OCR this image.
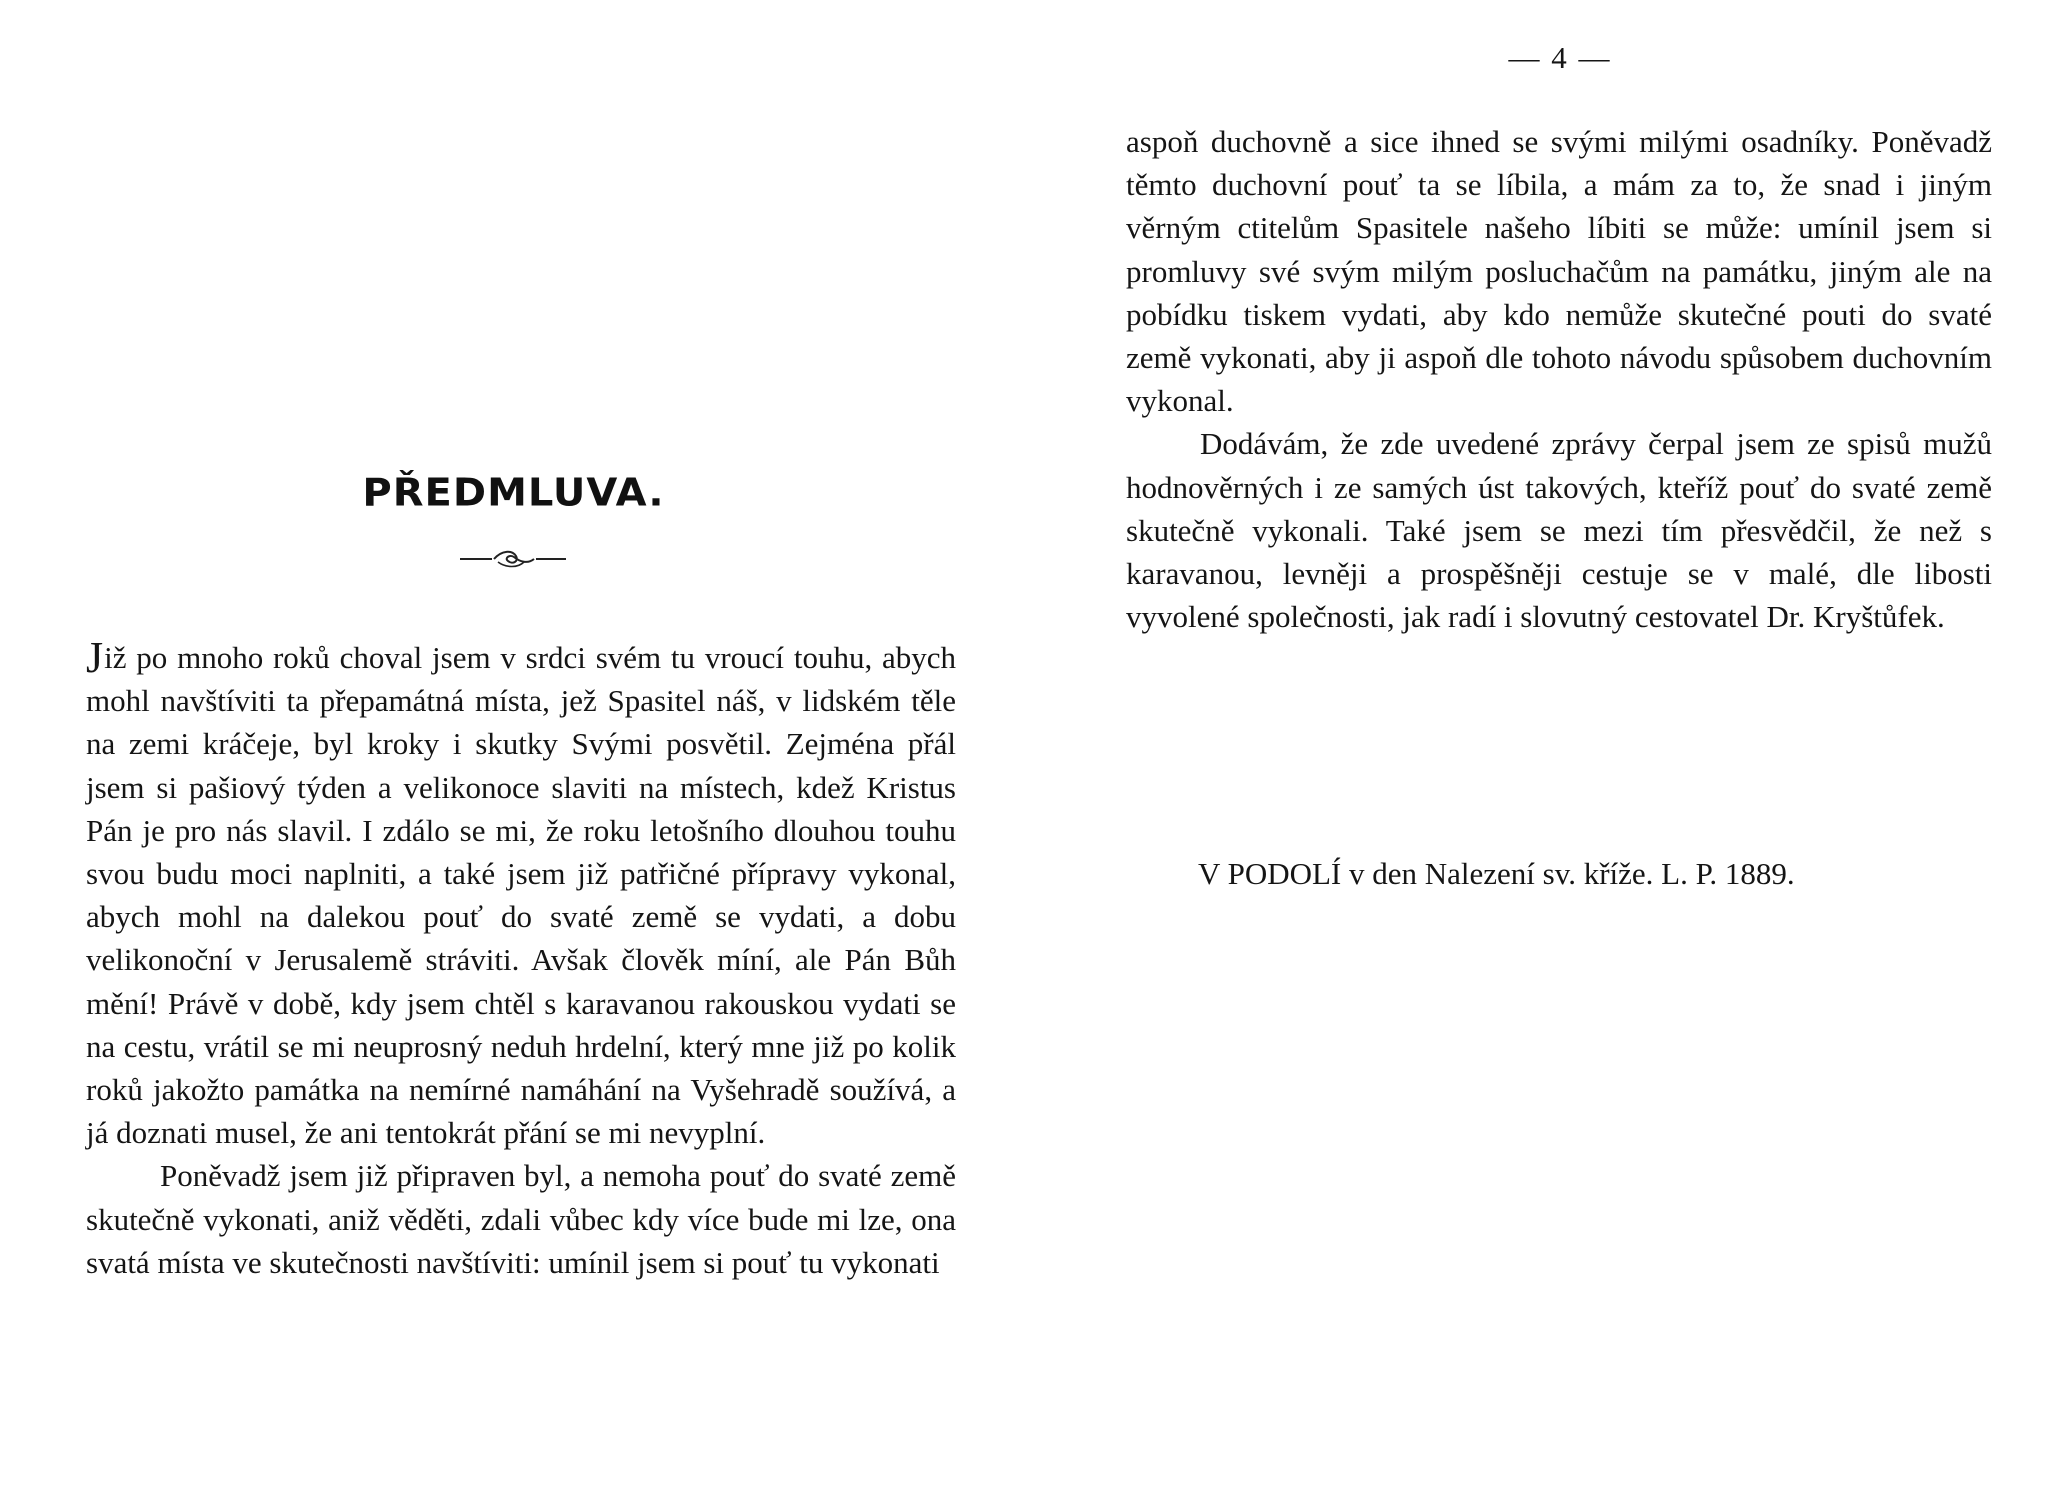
PŘEDMLUVA.

Již po mnoho roků choval jsem v srdci svém tu vroucí touhu, abych mohl navštíviti ta přepamátná místa, jež Spasitel náš, v lidském těle na zemi kráčeje, byl kroky i skutky Svými posvětil. Zejména přál jsem si pašiový týden a velikonoce slaviti na místech, kdež Kristus Pán je pro nás slavil. I zdálo se mi, že roku letošního dlouhou touhu svou budu moci naplniti, a také jsem již patřičné přípravy vykonal, abych mohl na dalekou pouť do svaté země se vydati, a dobu velikonoční v Jerusalemě stráviti. Avšak člověk míní, ale Pán Bůh mění! Právě v době, kdy jsem chtěl s karavanou rakouskou vydati se na cestu, vrátil se mi neuprosný neduh hrdelní, který mne již po kolik roků jakožto památka na nemírné namáhání na Vyšehradě soužívá, a já doznati musel, že ani tentokrát přání se mi nevyplní.

Poněvadž jsem již připraven byl, a nemoha pouť do svaté země skutečně vykonati, aniž věděti, zdali vůbec kdy více bude mi lze, ona svatá místa ve skutečnosti navštíviti: umínil jsem si pouť tu vykonati

— 4 —

aspoň duchovně a sice ihned se svými milými osadníky. Poněvadž těmto duchovní pouť ta se líbila, a mám za to, že snad i jiným věrným ctitelům Spasitele našeho líbiti se může: umínil jsem si promluvy své svým milým posluchačům na památku, jiným ale na pobídku tiskem vydati, aby kdo nemůže skutečné pouti do svaté země vykonati, aby ji aspoň dle tohoto návodu spůsobem duchovním vykonal.

Dodávám, že zde uvedené zprávy čerpal jsem ze spisů mužů hodnověrných i ze samých úst takových, kteříž pouť do svaté země skutečně vykonali. Také jsem se mezi tím přesvědčil, že než s karavanou, levněji a prospěšněji cestuje se v malé, dle libosti vyvolené společnosti, jak radí i slovutný cestovatel Dr. Kryštůfek.

V PODOLÍ v den Nalezení sv. kříže. L. P. 1889.
